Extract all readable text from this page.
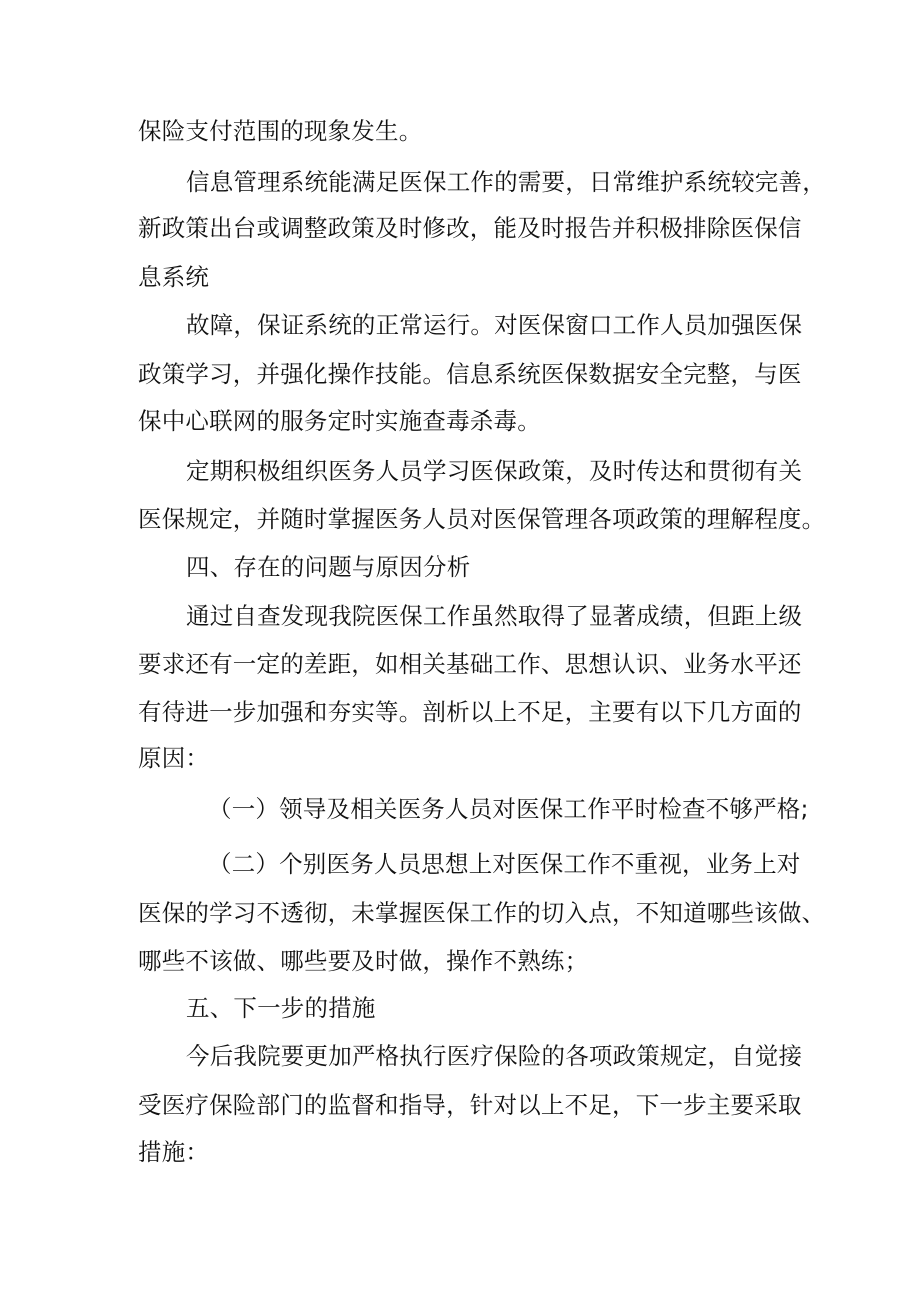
保险支付范围的现象发生。
信息管理系统能满足医保工作的需要，日常维护系统较完善，
新政策出台或调整政策及时修改，能及时报告并积极排除医保信
息系统
故障，保证系统的正常运行。对医保窗口工作人员加强医保
政策学习，并强化操作技能。信息系统医保数据安全完整，与医
保中心联网的服务定时实施查毒杀毒。
定期积极组织医务人员学习医保政策，及时传达和贯彻有关
医保规定，并随时掌握医务人员对医保管理各项政策的理解程度。
四、存在的问题与原因分析
通过自查发现我院医保工作虽然取得了显著成绩，但距上级
要求还有一定的差距，如相关基础工作、思想认识、业务水平还
有待进一步加强和夯实等。剖析以上不足，主要有以下几方面的
原因：
（一）领导及相关医务人员对医保工作平时检查不够严格;
（二）个别医务人员思想上对医保工作不重视，业务上对
医保的学习不透彻，未掌握医保工作的切入点，不知道哪些该做、
哪些不该做、哪些要及时做，操作不熟练；
五、下一步的措施
今后我院要更加严格执行医疗保险的各项政策规定，自觉接
受医疗保险部门的监督和指导，针对以上不足，下一步主要采取
措施：
